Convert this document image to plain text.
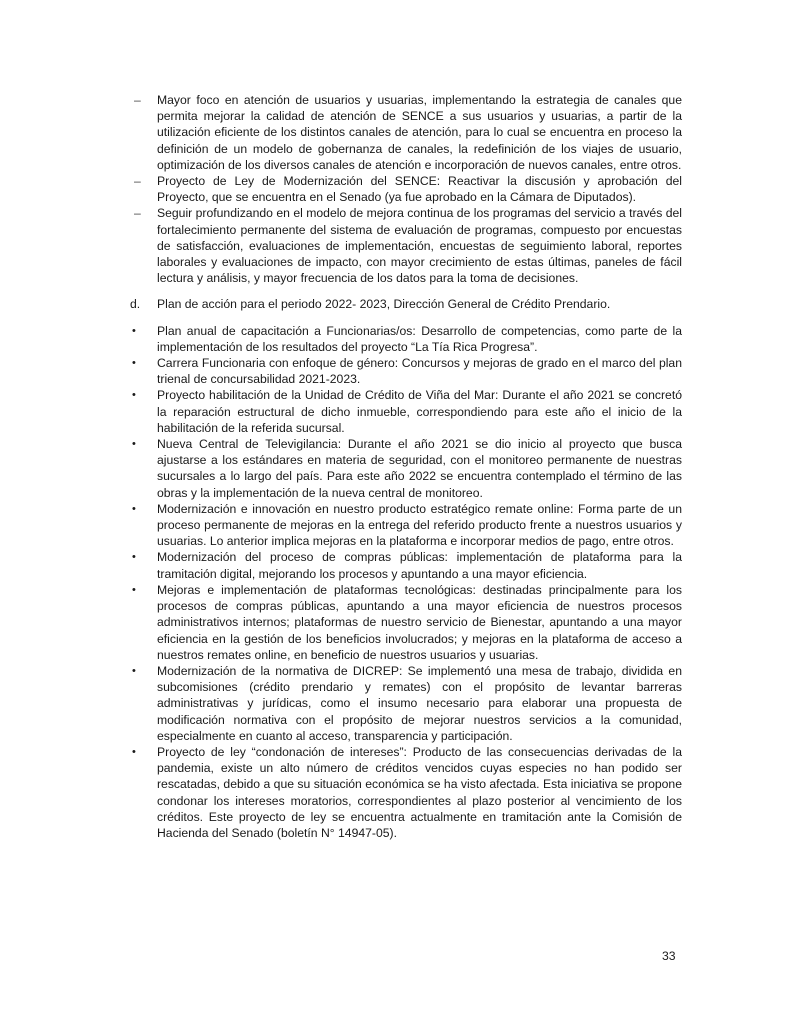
–	Mayor foco en atención de usuarios y usuarias, implementando la estrategia de canales que permita mejorar la calidad de atención de SENCE a sus usuarios y usuarias, a partir de la utilización eficiente de los distintos canales de atención, para lo cual se encuentra en proceso la definición de un modelo de gobernanza de canales, la redefinición de los viajes de usuario, optimización de los diversos canales de atención e incorporación de nuevos canales, entre otros.
–	Proyecto de Ley de Modernización del SENCE: Reactivar la discusión y aprobación del Proyecto, que se encuentra en el Senado (ya fue aprobado en la Cámara de Diputados).
–	Seguir profundizando en el modelo de mejora continua de los programas del servicio a través del fortalecimiento permanente del sistema de evaluación de programas, compuesto por encuestas de satisfacción, evaluaciones de implementación, encuestas de seguimiento laboral, reportes laborales y evaluaciones de impacto, con mayor crecimiento de estas últimas, paneles de fácil lectura y análisis, y mayor frecuencia de los datos para la toma de decisiones.
d.	Plan de acción para el periodo 2022- 2023, Dirección General de Crédito Prendario.
•	Plan anual de capacitación a Funcionarias/os: Desarrollo de competencias, como parte de la implementación de los resultados del proyecto “La Tía Rica Progresa”.
•	Carrera Funcionaria con enfoque de género: Concursos y mejoras de grado en el marco del plan trienal de concursabilidad 2021-2023.
•	Proyecto habilitación de la Unidad de Crédito de Viña del Mar: Durante el año 2021 se concretó la reparación estructural de dicho inmueble, correspondiendo para este año el inicio de la habilitación de la referida sucursal.
•	Nueva Central de Televigilancia: Durante el año 2021 se dio inicio al proyecto que busca ajustarse a los estándares en materia de seguridad, con el monitoreo permanente de nuestras sucursales a lo largo del país. Para este año 2022 se encuentra contemplado el término de las obras y la implementación de la nueva central de monitoreo.
•	Modernización e innovación en nuestro producto estratégico remate online: Forma parte de un proceso permanente de mejoras en la entrega del referido producto frente a nuestros usuarios y usuarias. Lo anterior implica mejoras en la plataforma e incorporar medios de pago, entre otros.
•	Modernización del proceso de compras públicas: implementación de plataforma para la tramitación digital, mejorando los procesos y apuntando a una mayor eficiencia.
•	Mejoras e implementación de plataformas tecnológicas: destinadas principalmente para los procesos de compras públicas, apuntando a una mayor eficiencia de nuestros procesos administrativos internos; plataformas de nuestro servicio de Bienestar, apuntando a una mayor eficiencia en la gestión de los beneficios involucrados; y mejoras en la plataforma de acceso a nuestros remates online, en beneficio de nuestros usuarios y usuarias.
•	Modernización de la normativa de DICREP: Se implementó una mesa de trabajo, dividida en subcomisiones (crédito prendario y remates) con el propósito de levantar barreras administrativas y jurídicas, como el insumo necesario para elaborar una propuesta de modificación normativa con el propósito de mejorar nuestros servicios a la comunidad, especialmente en cuanto al acceso, transparencia y participación.
•	Proyecto de ley “condonación de intereses”: Producto de las consecuencias derivadas de la pandemia, existe un alto número de créditos vencidos cuyas especies no han podido ser rescatadas, debido a que su situación económica se ha visto afectada. Esta iniciativa se propone condonar los intereses moratorios, correspondientes al plazo posterior al vencimiento de los créditos. Este proyecto de ley se encuentra actualmente en tramitación ante la Comisión de Hacienda del Senado (boletín N° 14947-05).
33
